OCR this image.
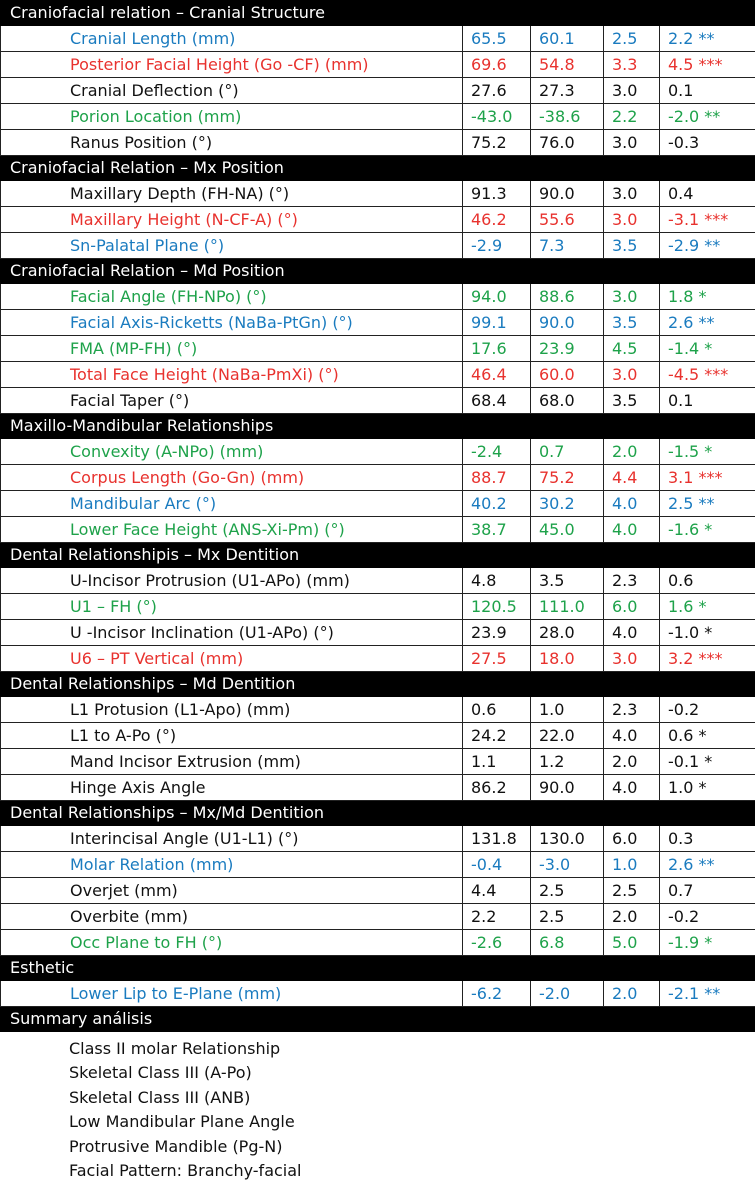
Craniofacial relation – Cranial Structure				
Cranial Length (mm)	65.5	60.1	2.5	2.2 **
Posterior Facial Height (Go -CF) (mm)	69.6	54.8	3.3	4.5 ***
Cranial Deflection (°)	27.6	27.3	3.0	0.1
Porion Location (mm)	-43.0	-38.6	2.2	-2.0 **
Ranus Position (°)	75.2	76.0	3.0	-0.3
Craniofacial Relation – Mx Position				
Maxillary Depth (FH-NA) (°)	91.3	90.0	3.0	0.4
Maxillary Height (N-CF-A) (°)	46.2	55.6	3.0	-3.1 ***
Sn-Palatal Plane (°)	-2.9	7.3	3.5	-2.9 **
Craniofacial Relation – Md Position				
Facial Angle (FH-NPo) (°)	94.0	88.6	3.0	1.8 *
Facial Axis-Ricketts (NaBa-PtGn) (°)	99.1	90.0	3.5	2.6 **
FMA (MP-FH) (°)	17.6	23.9	4.5	-1.4 *
Total Face Height (NaBa-PmXi) (°)	46.4	60.0	3.0	-4.5 ***
Facial Taper (°)	68.4	68.0	3.5	0.1
Maxillo-Mandibular Relationships				
Convexity (A-NPo) (mm)	-2.4	0.7	2.0	-1.5 *
Corpus Length (Go-Gn) (mm)	88.7	75.2	4.4	3.1 ***
Mandibular Arc (°)	40.2	30.2	4.0	2.5 **
Lower Face Height (ANS-Xi-Pm) (°)	38.7	45.0	4.0	-1.6 *
Dental Relationshipis – Mx Dentition				
U-Incisor Protrusion (U1-APo) (mm)	4.8	3.5	2.3	0.6
U1 – FH (°)	120.5	111.0	6.0	1.6 *
U -Incisor Inclination (U1-APo) (°)	23.9	28.0	4.0	-1.0 *
U6 – PT Vertical (mm)	27.5	18.0	3.0	3.2 ***
Dental Relationships – Md Dentition				
L1 Protusion (L1-Apo) (mm)	0.6	1.0	2.3	-0.2
L1 to A-Po (°)	24.2	22.0	4.0	0.6 *
Mand Incisor Extrusion (mm)	1.1	1.2	2.0	-0.1 *
Hinge Axis Angle	86.2	90.0	4.0	1.0 *
Dental Relationships – Mx/Md Dentition				
Interincisal Angle (U1-L1) (°)	131.8	130.0	6.0	0.3
Molar Relation (mm)	-0.4	-3.0	1.0	2.6 **
Overjet (mm)	4.4	2.5	2.5	0.7
Overbite (mm)	2.2	2.5	2.0	-0.2
Occ Plane to FH (°)	-2.6	6.8	5.0	-1.9 *
Esthetic				
Lower Lip to E-Plane (mm)	-6.2	-2.0	2.0	-2.1 **
Summary análisis				
Class II molar Relationship
Skeletal Class III (A-Po)
Skeletal Class III (ANB)
Low Mandibular Plane Angle
Protrusive Mandible (Pg-N)
Facial Pattern: Branchy-facial
